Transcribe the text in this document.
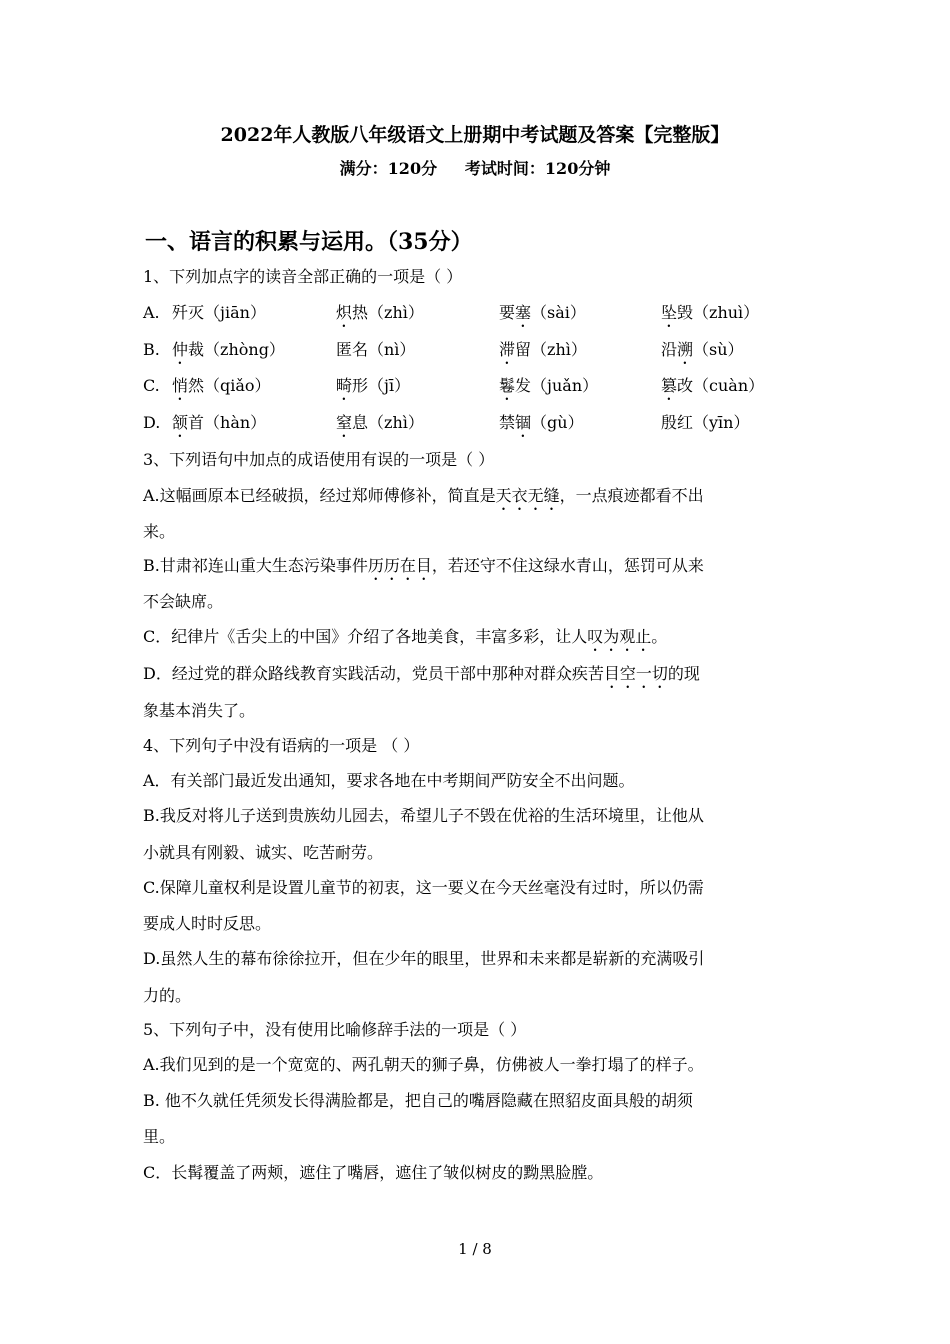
2022年人教版八年级语文上册期中考试题及答案【完整版】
满分：120分     考试时间：120分钟
一、语言的积累与运用。（35分）
1、下列加点字的读音全部正确的一项是（ ）
A. 歼灭（jiān）	炽热（zhì）	要塞（sài）	坠毁（zhuì）
B. 仲裁（zhòng）	匿名（nì）	滞留（zhì）	沿溯（sù）
C. 悄然（qiǎo）	畸形（jī）	鬈发（juǎn）	篡改（cuàn）
D. 颔首（hàn）	窒息（zhì）	禁锢（gù）	殷红（yīn）
3、下列语句中加点的成语使用有误的一项是（ ）
A.这幅画原本已经破损，经过郑师傅修补，简直是天衣无缝，一点痕迹都看不出
来。
B.甘肃祁连山重大生态污染事件历历在目，若还守不住这绿水青山，惩罚可从来
不会缺席。
C．纪律片《舌尖上的中国》介绍了各地美食，丰富多彩，让人叹为观止。
D．经过党的群众路线教育实践活动，党员干部中那种对群众疾苦目空一切的现
象基本消失了。
4、下列句子中没有语病的一项是 （ ）
A．有关部门最近发出通知，要求各地在中考期间严防安全不出问题。
B.我反对将儿子送到贵族幼儿园去，希望儿子不毁在优裕的生活环境里，让他从
小就具有刚毅、诚实、吃苦耐劳。
C.保障儿童权利是设置儿童节的初衷，这一要义在今天丝毫没有过时，所以仍需
要成人时时反思。
D.虽然人生的幕布徐徐拉开，但在少年的眼里，世界和未来都是崭新的充满吸引
力的。
5、下列句子中，没有使用比喻修辞手法的一项是（ ）
A.我们见到的是一个宽宽的、两孔朝天的狮子鼻，仿佛被人一拳打塌了的样子。
B. 他不久就任凭须发长得满脸都是，把自己的嘴唇隐藏在照貂皮面具般的胡须
里。
C．长髯覆盖了两颊，遮住了嘴唇，遮住了皱似树皮的黝黑脸膛。
1 / 8
